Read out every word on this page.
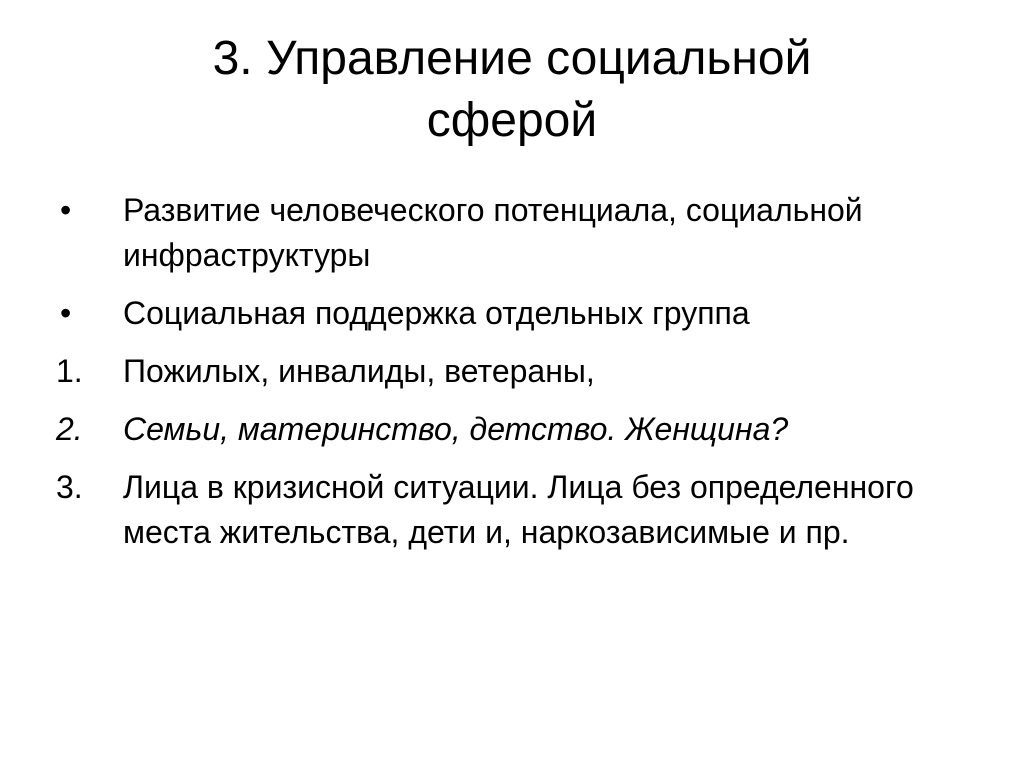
3. Управление социальной
сферой
•	Развитие человеческого потенциала, социальной инфраструктуры
•	Социальная поддержка отдельных группа
1.	Пожилых, инвалиды, ветераны,
2.	Семьи, материнство, детство. Женщина?
3.	Лица в кризисной ситуации. Лица без определенного места жительства, дети и, наркозависимые и пр.
